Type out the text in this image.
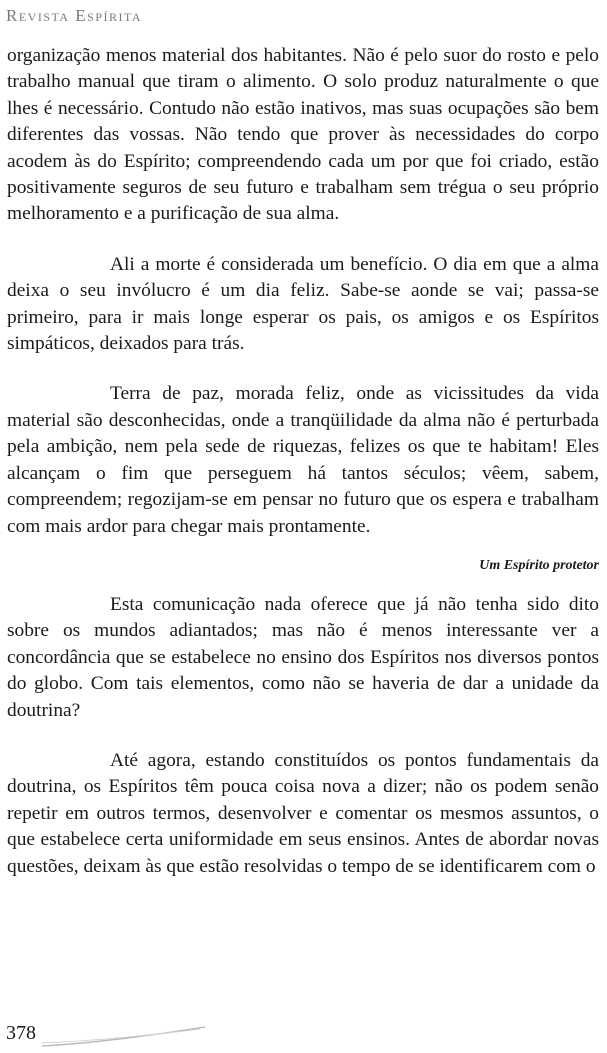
Revista Espírita

organização menos material dos habitantes. Não é pelo suor do rosto e pelo trabalho manual que tiram o alimento. O solo produz naturalmente o que lhes é necessário. Contudo não estão inativos, mas suas ocupações são bem diferentes das vossas. Não tendo que prover às necessidades do corpo acodem às do Espírito; compreendendo cada um por que foi criado, estão positivamente seguros de seu futuro e trabalham sem trégua o seu próprio melhoramento e a purificação de sua alma.

Ali a morte é considerada um benefício. O dia em que a alma deixa o seu invólucro é um dia feliz. Sabe-se aonde se vai; passa-se primeiro, para ir mais longe esperar os pais, os amigos e os Espíritos simpáticos, deixados para trás.

Terra de paz, morada feliz, onde as vicissitudes da vida material são desconhecidas, onde a tranqüilidade da alma não é perturbada pela ambição, nem pela sede de riquezas, felizes os que te habitam! Eles alcançam o fim que perseguem há tantos séculos; vêem, sabem, compreendem; regozijam-se em pensar no futuro que os espera e trabalham com mais ardor para chegar mais prontamente.

Um Espírito protetor

Esta comunicação nada oferece que já não tenha sido dito sobre os mundos adiantados; mas não é menos interessante ver a concordância que se estabelece no ensino dos Espíritos nos diversos pontos do globo. Com tais elementos, como não se haveria de dar a unidade da doutrina?

Até agora, estando constituídos os pontos fundamentais da doutrina, os Espíritos têm pouca coisa nova a dizer; não os podem senão repetir em outros termos, desenvolver e comentar os mesmos assuntos, o que estabelece certa uniformidade em seus ensinos. Antes de abordar novas questões, deixam às que estão resolvidas o tempo de se identificarem com o

378
